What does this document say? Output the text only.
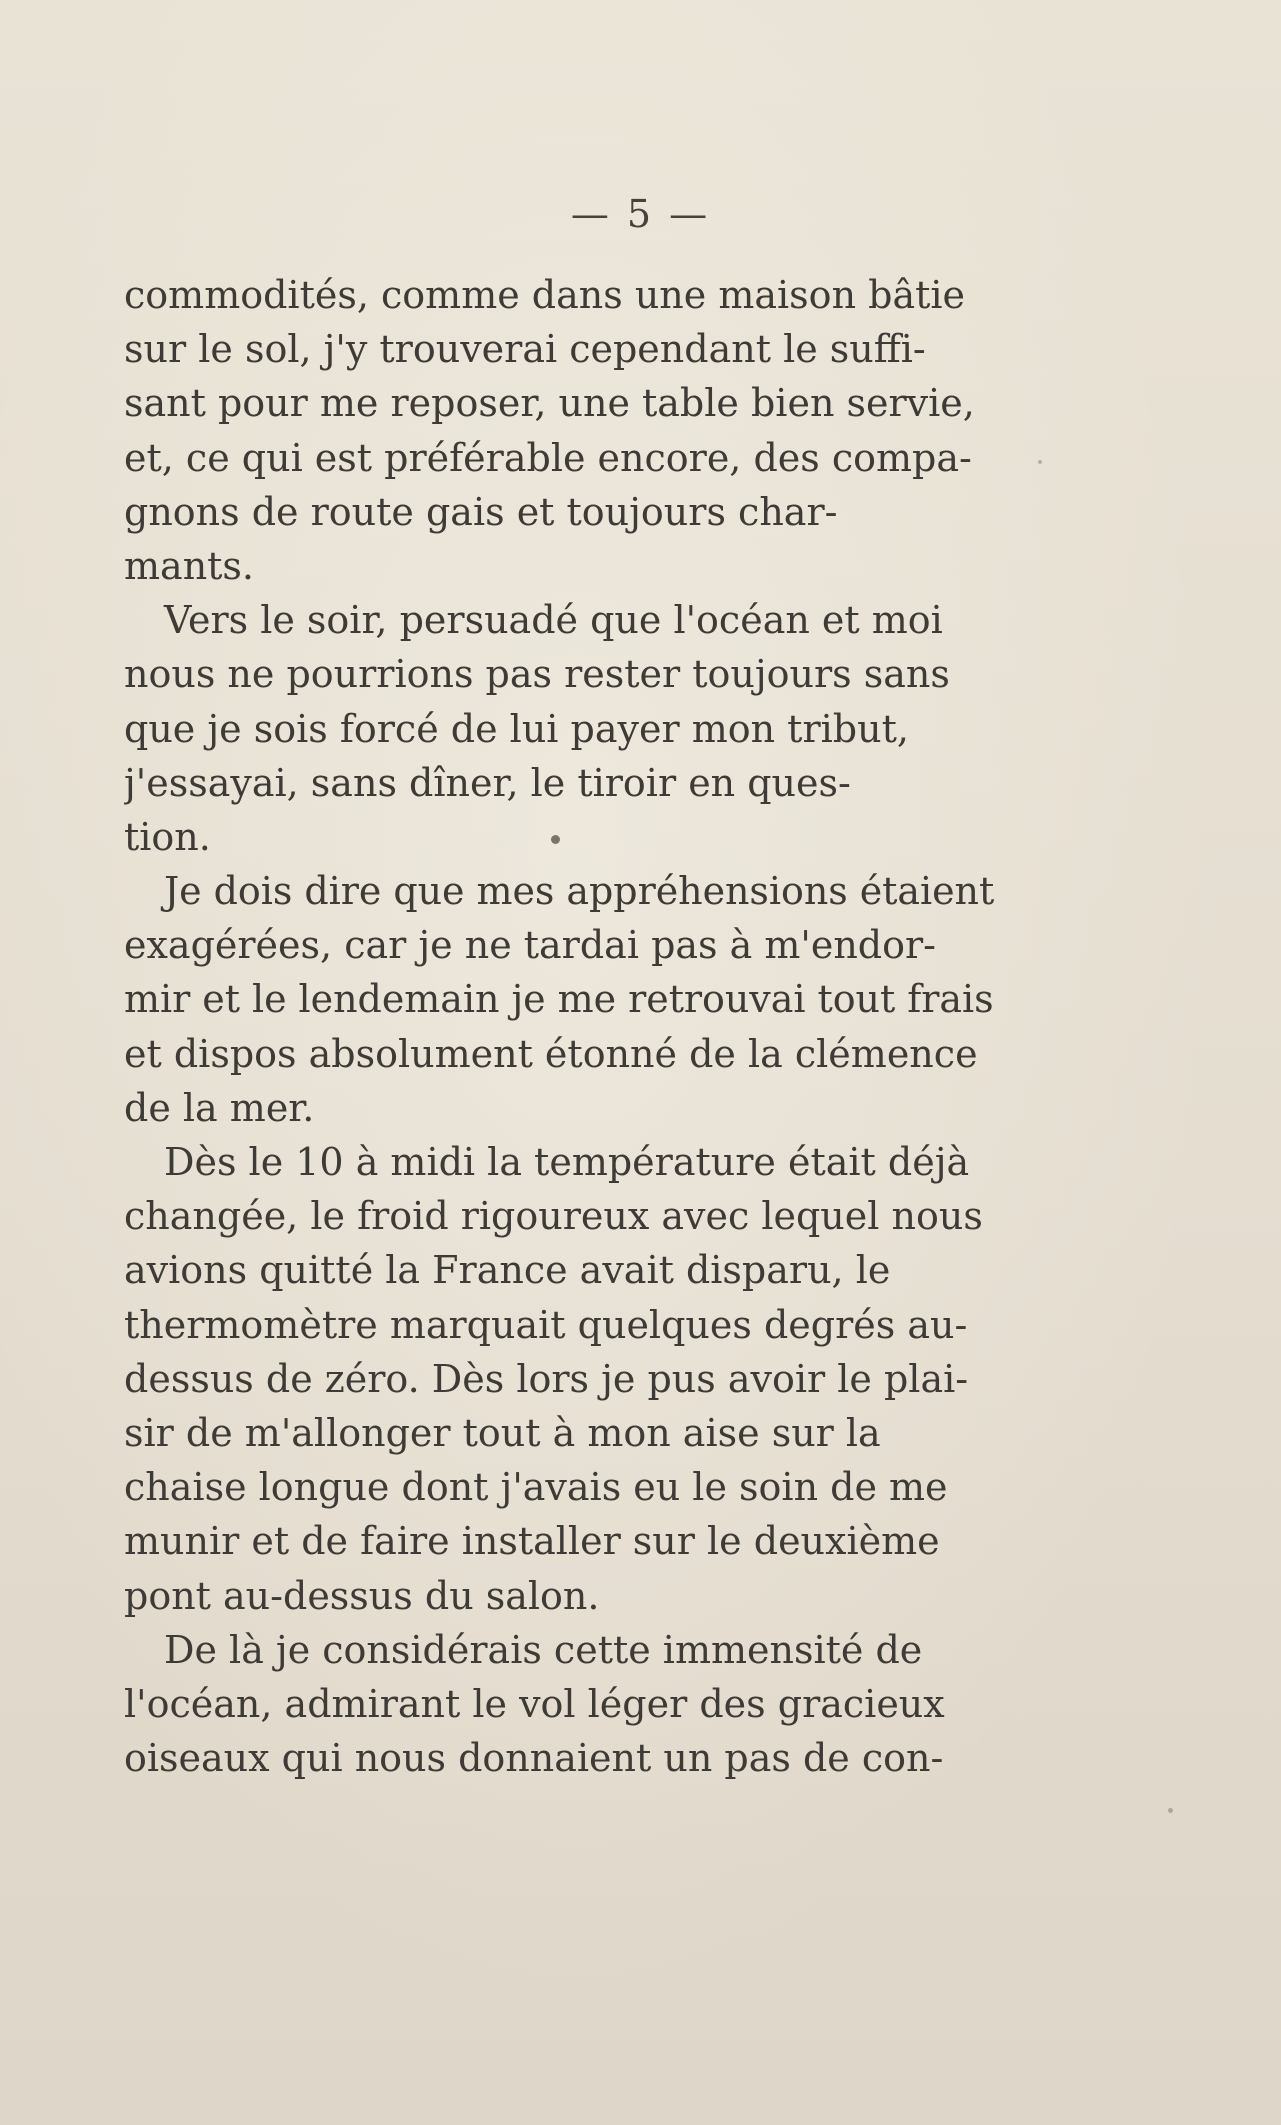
— 5 —
commodités, comme dans une maison bâtie
sur le sol, j'y trouverai cependant le suffi-
sant pour me reposer, une table bien servie,
et, ce qui est préférable encore, des compa-
gnons de route gais et toujours char-
mants.
Vers le soir, persuadé que l'océan et moi
nous ne pourrions pas rester toujours sans
que je sois forcé de lui payer mon tribut,
j'essayai, sans dîner, le tiroir en ques-
tion.
Je dois dire que mes appréhensions étaient
exagérées, car je ne tardai pas à m'endor-
mir et le lendemain je me retrouvai tout frais
et dispos absolument étonné de la clémence
de la mer.
Dès le 10 à midi la température était déjà
changée, le froid rigoureux avec lequel nous
avions quitté la France avait disparu, le
thermomètre marquait quelques degrés au-
dessus de zéro. Dès lors je pus avoir le plai-
sir de m'allonger tout à mon aise sur la
chaise longue dont j'avais eu le soin de me
munir et de faire installer sur le deuxième
pont au-dessus du salon.
De là je considérais cette immensité de
l'océan, admirant le vol léger des gracieux
oiseaux qui nous donnaient un pas de con-
